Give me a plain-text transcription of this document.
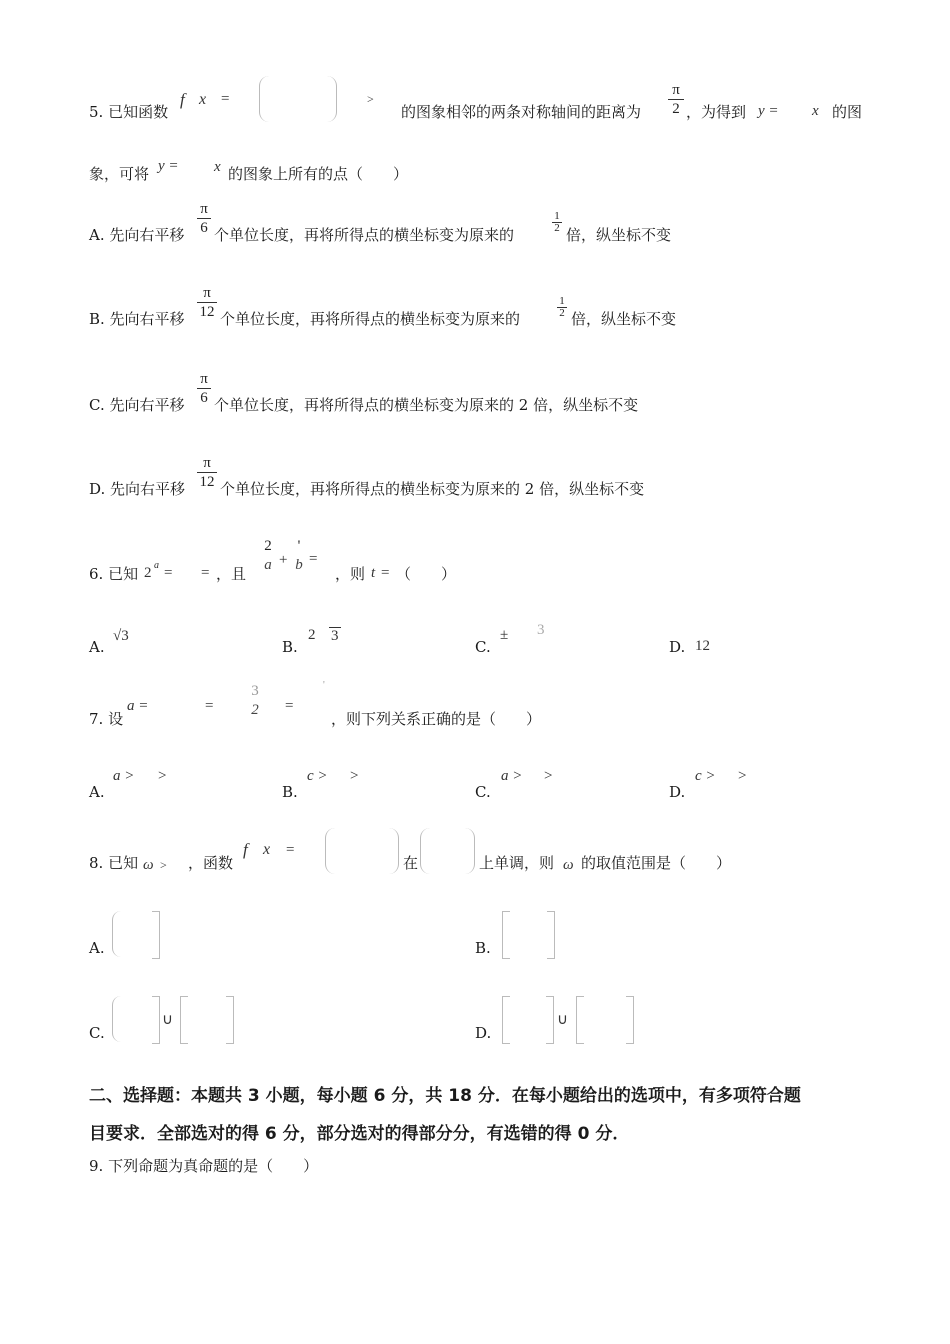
5. 已知函数
f x =	>
的图象相邻的两条对称轴间的距离为
π
2 ，为得到 y = x 的图
象，可将 y = x 的图象上所有的点（　　）
A. 先向右平移
π
6 个单位长度，再将所得点的横坐标变为原来的
1
2 倍，纵坐标不变
B. 先向右平移
π
12 个单位长度，再将所得点的横坐标变为原来的
1
2 倍，纵坐标不变
C. 先向右平移
π
6 个单位长度，再将所得点的横坐标变为原来的 2 倍，纵坐标不变
D. 先向右平移
π
12 个单位长度，再将所得点的横坐标变为原来的 2 倍，纵坐标不变
6. 已知 2 a = = ，且
2
a +
'
b =
，则 t = （　　）
A.
√3
B.
2 3
C.
± 3
D. 12
7. 设
a =	=
3
2 =
'
，则下列关系正确的是（　　）
A.
a > >
B.
c > >
C.
a > >
D.
c > >
8. 已知 ω > ，函数
f x =
在	上单调，则 ω 的取值范围是（　　）
A.	B.
C.
∪
D.
∪
二、选择题：本题共 3 小题，每小题 6 分，共 18 分．在每小题给出的选项中，有多项符合题
目要求．全部选对的得 6 分，部分选对的得部分分，有选错的得 0 分．
9. 下列命题为真命题的是（　　）
